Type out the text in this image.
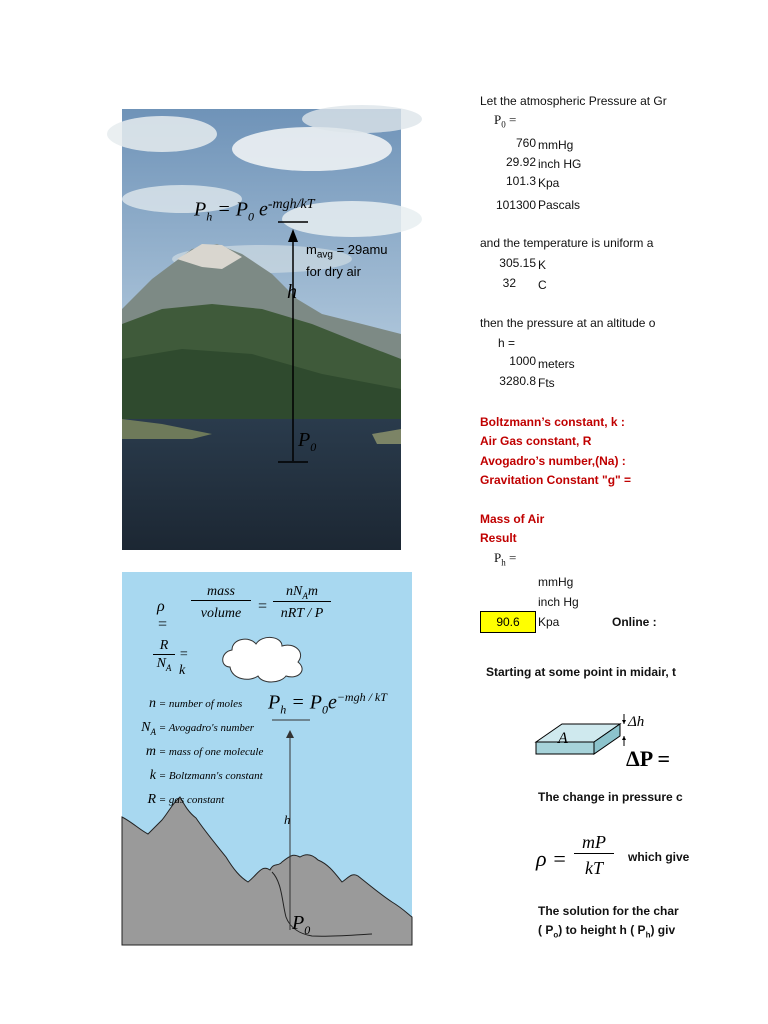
$P_h = P_0$ $e^{-mgh/kT}$
$m_{avg} = 29amu$
for dry air
h
$P_0$
ρ =
mass
volume =
$nN_Am$
nRT / P
R
$N_A$
= k
n = number of moles
$N_A$ = Avogadro's number
m = mass of one molecule
k = Boltzmann's constant
R = gas constant
$P_h = P_0e^{-mgh / kT}$
h
$P_0$
Let the atmospheric Pressure at Gr
$P_0$ =
760 mmHg
29.92 inch HG
101.3 Kpa
101300 Pascals
and the temperature is uniform a
305.15 K
32 C
then the pressure at an altitude o
h =
1000 meters
3280.8 Fts
Boltzmann’s constant, k :
Air Gas constant, R
Avogadro’s number,(Na) :
Gravitation Constant "g" =
Mass of Air
Result
$P_h$ =
mmHg
inch Hg
Kpa	Online :
Starting at some point in midair, t
A
Δh
ΔP =
The change in pressure c
ρ =
mP
kT
which give
The solution for the char
( $P_o$) to height h ( $P_h$) giv
90.6
